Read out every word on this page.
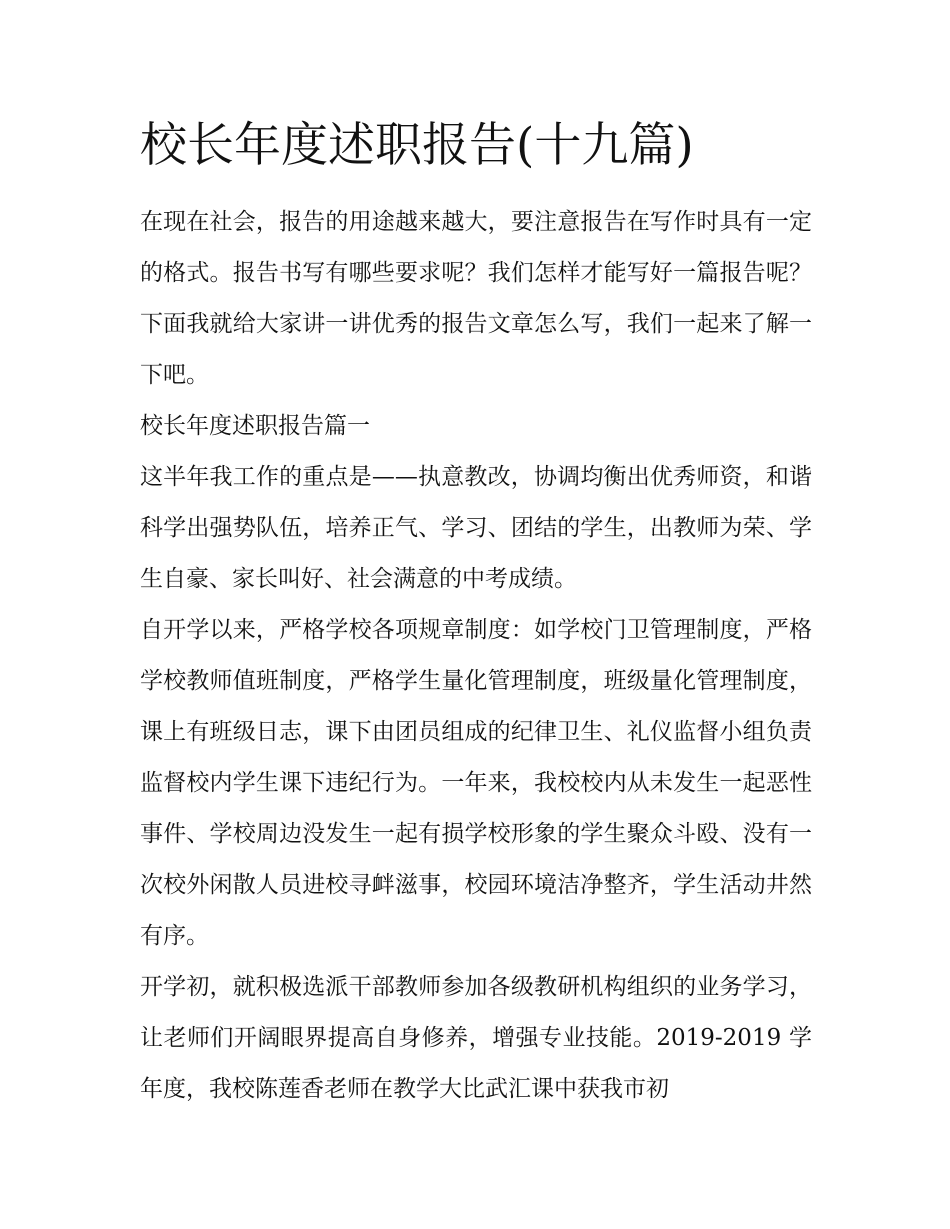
校长年度述职报告(十九篇)

在现在社会，报告的用途越来越大，要注意报告在写作时具有一定的格式。报告书写有哪些要求呢？我们怎样才能写好一篇报告呢？下面我就给大家讲一讲优秀的报告文章怎么写，我们一起来了解一下吧。

校长年度述职报告篇一

这半年我工作的重点是——执意教改，协调均衡出优秀师资，和谐科学出强势队伍，培养正气、学习、团结的学生，出教师为荣、学生自豪、家长叫好、社会满意的中考成绩。

自开学以来，严格学校各项规章制度：如学校门卫管理制度，严格学校教师值班制度，严格学生量化管理制度，班级量化管理制度，课上有班级日志，课下由团员组成的纪律卫生、礼仪监督小组负责监督校内学生课下违纪行为。一年来，我校校内从未发生一起恶性事件、学校周边没发生一起有损学校形象的学生聚众斗殴、没有一次校外闲散人员进校寻衅滋事，校园环境洁净整齐，学生活动井然有序。

开学初，就积极选派干部教师参加各级教研机构组织的业务学习，让老师们开阔眼界提高自身修养，增强专业技能。2019-2019 学年度，我校陈莲香老师在教学大比武汇课中获我市初
